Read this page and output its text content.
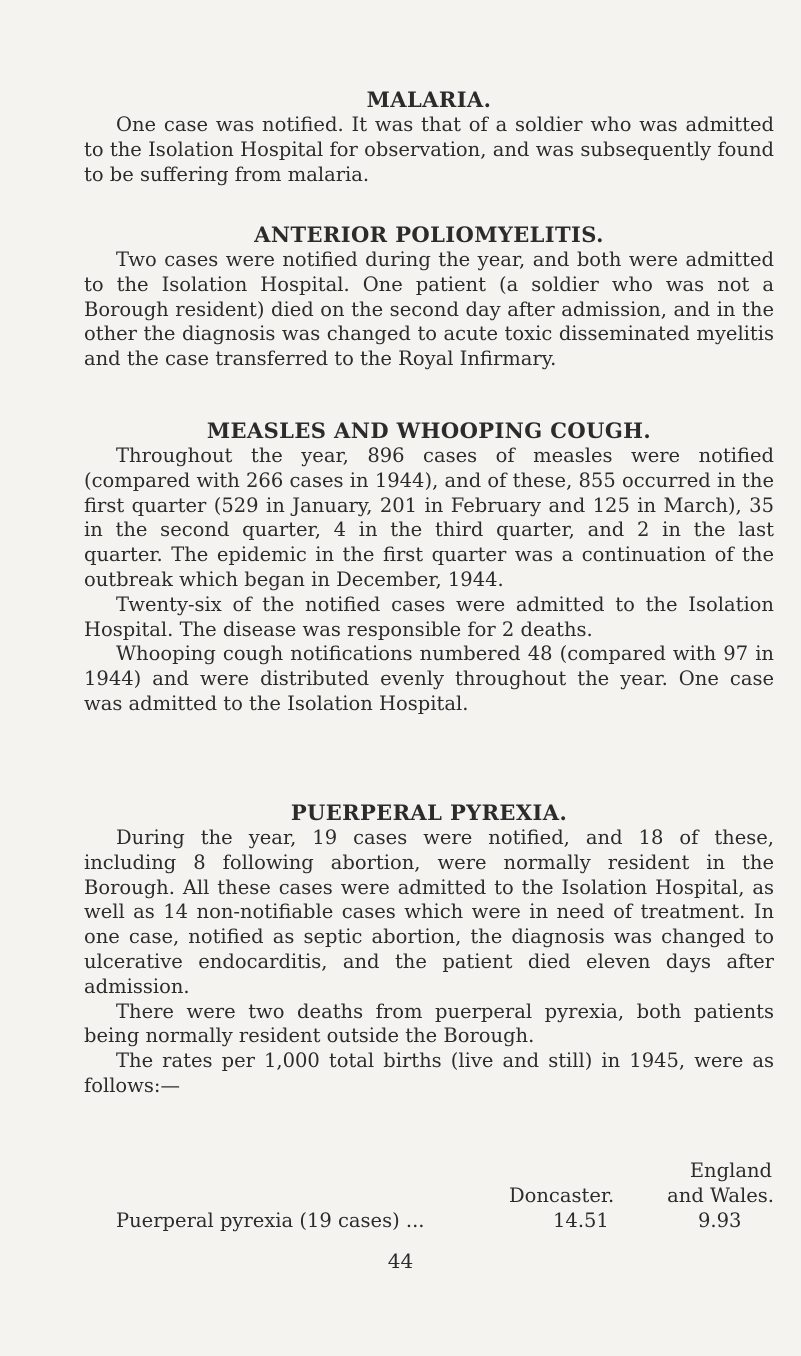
MALARIA.

One case was notified. It was that of a soldier who was admitted to the Isolation Hospital for observation, and was subsequently found to be suffering from malaria.

ANTERIOR POLIOMYELITIS.

Two cases were notified during the year, and both were admitted to the Isolation Hospital. One patient (a soldier who was not a Borough resident) died on the second day after admission, and in the other the diagnosis was changed to acute toxic disseminated myelitis and the case transferred to the Royal Infirmary.

MEASLES AND WHOOPING COUGH.

Throughout the year, 896 cases of measles were notified (compared with 266 cases in 1944), and of these, 855 occurred in the first quarter (529 in January, 201 in February and 125 in March), 35 in the second quarter, 4 in the third quarter, and 2 in the last quarter. The epidemic in the first quarter was a continuation of the outbreak which began in December, 1944.

Twenty-six of the notified cases were admitted to the Isolation Hospital. The disease was responsible for 2 deaths.

Whooping cough notifications numbered 48 (compared with 97 in 1944) and were distributed evenly throughout the year. One case was admitted to the Isolation Hospital.

PUERPERAL PYREXIA.

During the year, 19 cases were notified, and 18 of these, including 8 following abortion, were normally resident in the Borough. All these cases were admitted to the Isolation Hospital, as well as 14 non-notifiable cases which were in need of treatment. In one case, notified as septic abortion, the diagnosis was changed to ulcerative endocarditis, and the patient died eleven days after admission.

There were two deaths from puerperal pyrexia, both patients being normally resident outside the Borough.

The rates per 1,000 total births (live and still) in 1945, were as follows:—

England
Doncaster.	and Wales.
Puerperal pyrexia (19 cases) ...	14.51	9.93
44
